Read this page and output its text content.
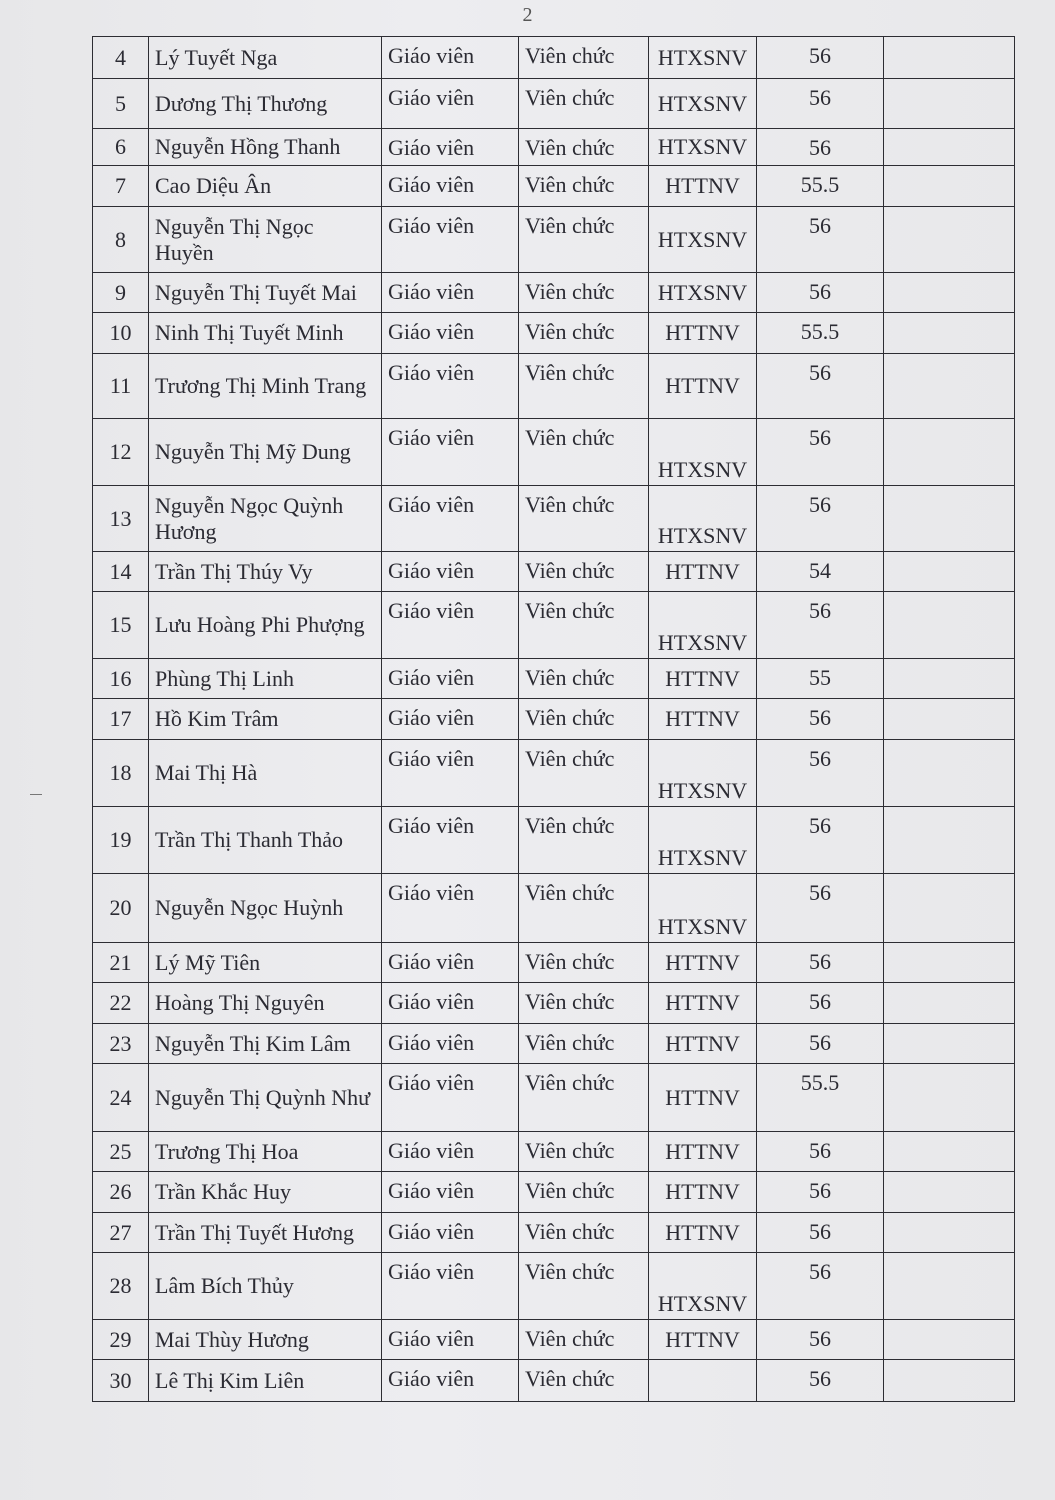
2
4	Lý Tuyết Nga	Giáo viên	Viên chức	HTXSNV	56	
5	Dương Thị Thương	Giáo viên	Viên chức	HTXSNV	56	
6	Nguyễn Hồng Thanh	Giáo viên	Viên chức	HTXSNV	56	
7	Cao Diệu Ân	Giáo viên	Viên chức	HTTNV	55.5	
8	Nguyễn Thị Ngọc Huyền	Giáo viên	Viên chức	HTXSNV	56	
9	Nguyễn Thị Tuyết Mai	Giáo viên	Viên chức	HTXSNV	56	
10	Ninh Thị Tuyết Minh	Giáo viên	Viên chức	HTTNV	55.5	
11	Trương Thị Minh Trang	Giáo viên	Viên chức	HTTNV	56	
12	Nguyễn Thị Mỹ Dung	Giáo viên	Viên chức	HTXSNV	56	
13	Nguyễn Ngọc Quỳnh Hương	Giáo viên	Viên chức	HTXSNV	56	
14	Trần Thị Thúy Vy	Giáo viên	Viên chức	HTTNV	54	
15	Lưu Hoàng Phi Phượng	Giáo viên	Viên chức	HTXSNV	56	
16	Phùng Thị Linh	Giáo viên	Viên chức	HTTNV	55	
17	Hồ Kim Trâm	Giáo viên	Viên chức	HTTNV	56	
18	Mai Thị Hà	Giáo viên	Viên chức	HTXSNV	56	
19	Trần Thị Thanh Thảo	Giáo viên	Viên chức	HTXSNV	56	
20	Nguyễn Ngọc Huỳnh	Giáo viên	Viên chức	HTXSNV	56	
21	Lý Mỹ Tiên	Giáo viên	Viên chức	HTTNV	56	
22	Hoàng Thị Nguyên	Giáo viên	Viên chức	HTTNV	56	
23	Nguyễn Thị Kim Lâm	Giáo viên	Viên chức	HTTNV	56	
24	Nguyễn Thị Quỳnh Như	Giáo viên	Viên chức	HTTNV	55.5	
25	Trương Thị Hoa	Giáo viên	Viên chức	HTTNV	56	
26	Trần Khắc Huy	Giáo viên	Viên chức	HTTNV	56	
27	Trần Thị Tuyết Hương	Giáo viên	Viên chức	HTTNV	56	
28	Lâm Bích Thủy	Giáo viên	Viên chức	HTXSNV	56	
29	Mai Thùy Hương	Giáo viên	Viên chức	HTTNV	56	
30	Lê Thị Kim Liên	Giáo viên	Viên chức		56	
